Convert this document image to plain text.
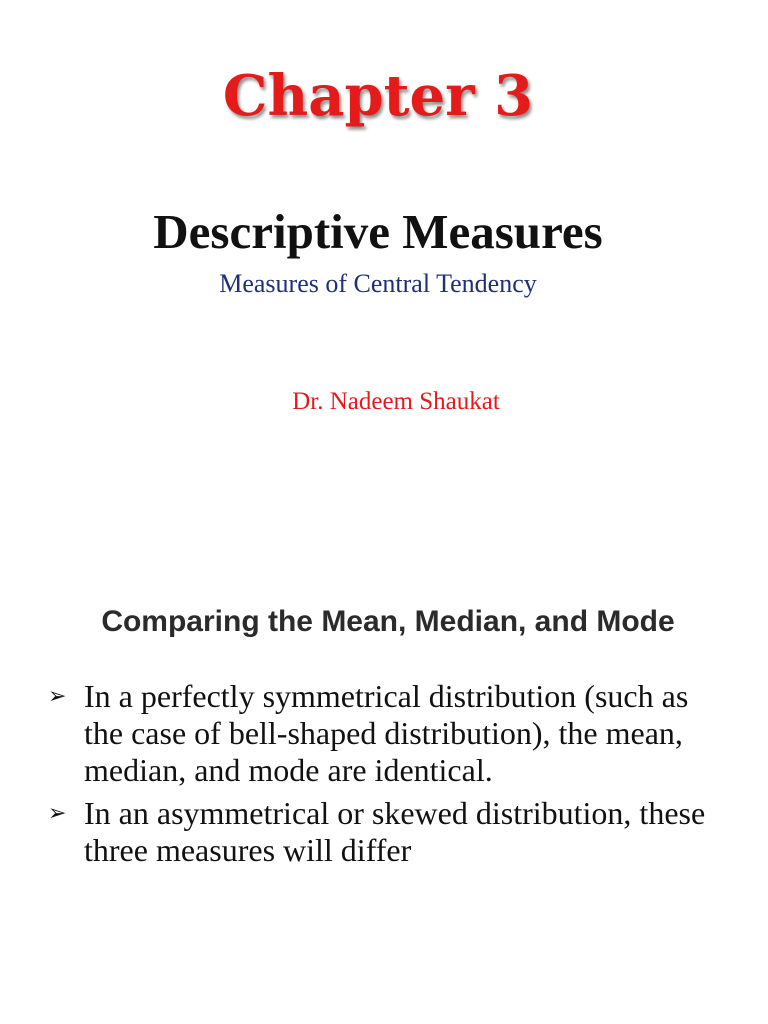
Chapter 3
Descriptive Measures
Measures of Central Tendency
Dr. Nadeem Shaukat
Comparing the Mean, Median, and Mode
➢ In a perfectly symmetrical distribution (such as the case of bell-shaped distribution), the mean, median, and mode are identical.
➢ In an asymmetrical or skewed distribution, these three measures will differ
